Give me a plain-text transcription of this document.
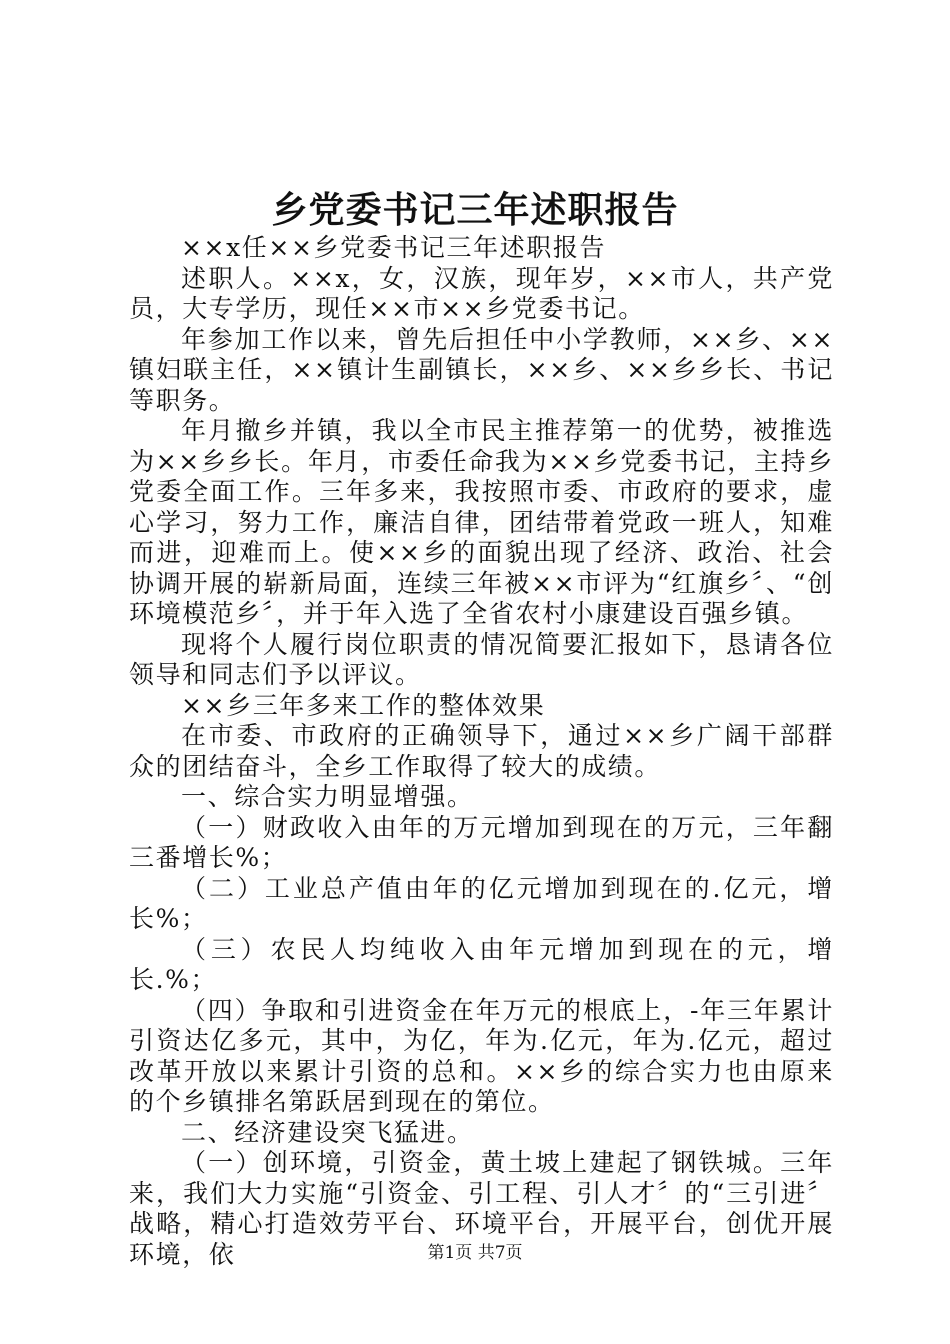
乡党委书记三年述职报告

××x任××乡党委书记三年述职报告

述职人。××x，女，汉族，现年岁，××市人，共产党员，大专学历，现任××市××乡党委书记。

年参加工作以来，曾先后担任中小学教师，××乡、××镇妇联主任，××镇计生副镇长，××乡、××乡乡长、书记等职务。

年月撤乡并镇，我以全市民主推荐第一的优势，被推选为××乡乡长。年月，市委任命我为××乡党委书记，主持乡党委全面工作。三年多来，我按照市委、市政府的要求，虚心学习，努力工作，廉洁自律，团结带着党政一班人，知难而进，迎难而上。使××乡的面貌出现了经济、政治、社会协调开展的崭新局面，连续三年被××市评为“红旗乡〞、“创环境模范乡〞，并于年入选了全省农村小康建设百强乡镇。

现将个人履行岗位职责的情况简要汇报如下，恳请各位领导和同志们予以评议。

××乡三年多来工作的整体效果

在市委、市政府的正确领导下，通过××乡广阔干部群众的团结奋斗，全乡工作取得了较大的成绩。

一、综合实力明显增强。

（一）财政收入由年的万元增加到现在的万元，三年翻三番增长%；

（二）工业总产值由年的亿元增加到现在的.亿元，增长%；

（三）农民人均纯收入由年元增加到现在的元，增长.%；

（四）争取和引进资金在年万元的根底上，-年三年累计引资达亿多元，其中，为亿，年为.亿元，年为.亿元，超过改革开放以来累计引资的总和。××乡的综合实力也由原来的个乡镇排名第跃居到现在的第位。

二、经济建设突飞猛进。

（一）创环境，引资金，黄土坡上建起了钢铁城。三年来，我们大力实施“引资金、引工程、引人才〞的“三引进〞战略，精心打造效劳平台、环境平台，开展平台，创优开展环境，依	第1页 共7页
